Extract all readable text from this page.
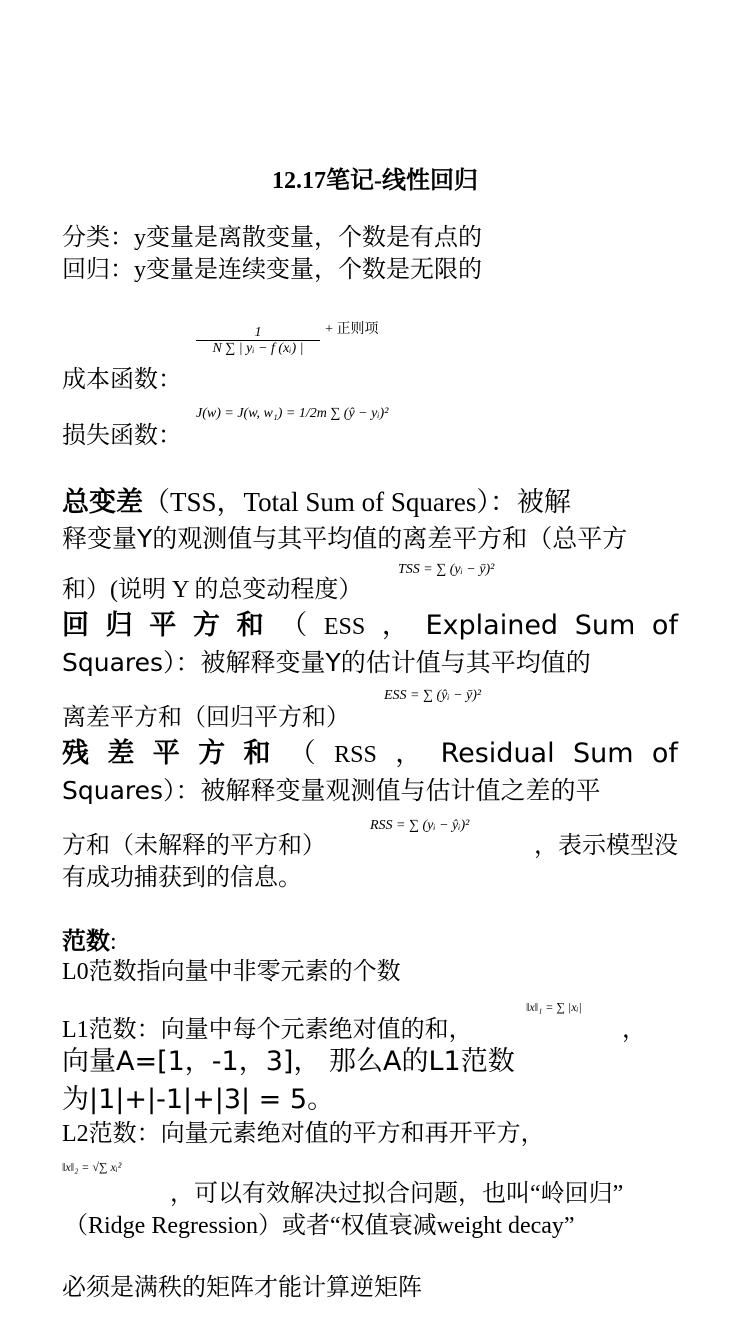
12.17笔记-线性回归
分类：y变量是离散变量，个数是有点的
回归：y变量是连续变量，个数是无限的
$\frac{1}{\text{N ∑ | yᵢ − f (xᵢ) |}}$ + 正则项
成本函数：
J(w) = J(w, w₁) = 1/2m ∑ (ŷ − yᵢ)²
损失函数：
总变差 （TSS，Total Sum of Squares）：被解
释变量Y的观测值与其平均值的离差平方和（总平方
和）(说明 Y 的总变动程度）
TSS = ∑ (yᵢ − ȳ)²
回 归 平 方 和 （ ESS ， Explained Sum of
Squares）：被解释变量Y的估计值与其平均值的
离差平方和（回归平方和）
ESS = ∑ (ŷᵢ − ȳ)²
残 差 平 方 和 （ RSS ， Residual Sum of
Squares）：被解释变量观测值与估计值之差的平
方和（未解释的平方和）
RSS = ∑ (yᵢ − ŷᵢ)²
，表示模型没
有成功捕获到的信息。
范数:
L0范数指向量中非零元素的个数
L1范数：向量中每个元素绝对值的和，
‖x‖₁ = ∑ |xᵢ|
，
向量A=[1，-1，3]， 那么A的L1范数
为|1|+|-1|+|3| = 5。
L2范数：向量元素绝对值的平方和再开平方，
‖x‖₂ = √∑ xᵢ²
，可以有效解决过拟合问题，也叫“岭回归”
（Ridge Regression）或者“权值衰减weight decay”
必须是满秩的矩阵才能计算逆矩阵
